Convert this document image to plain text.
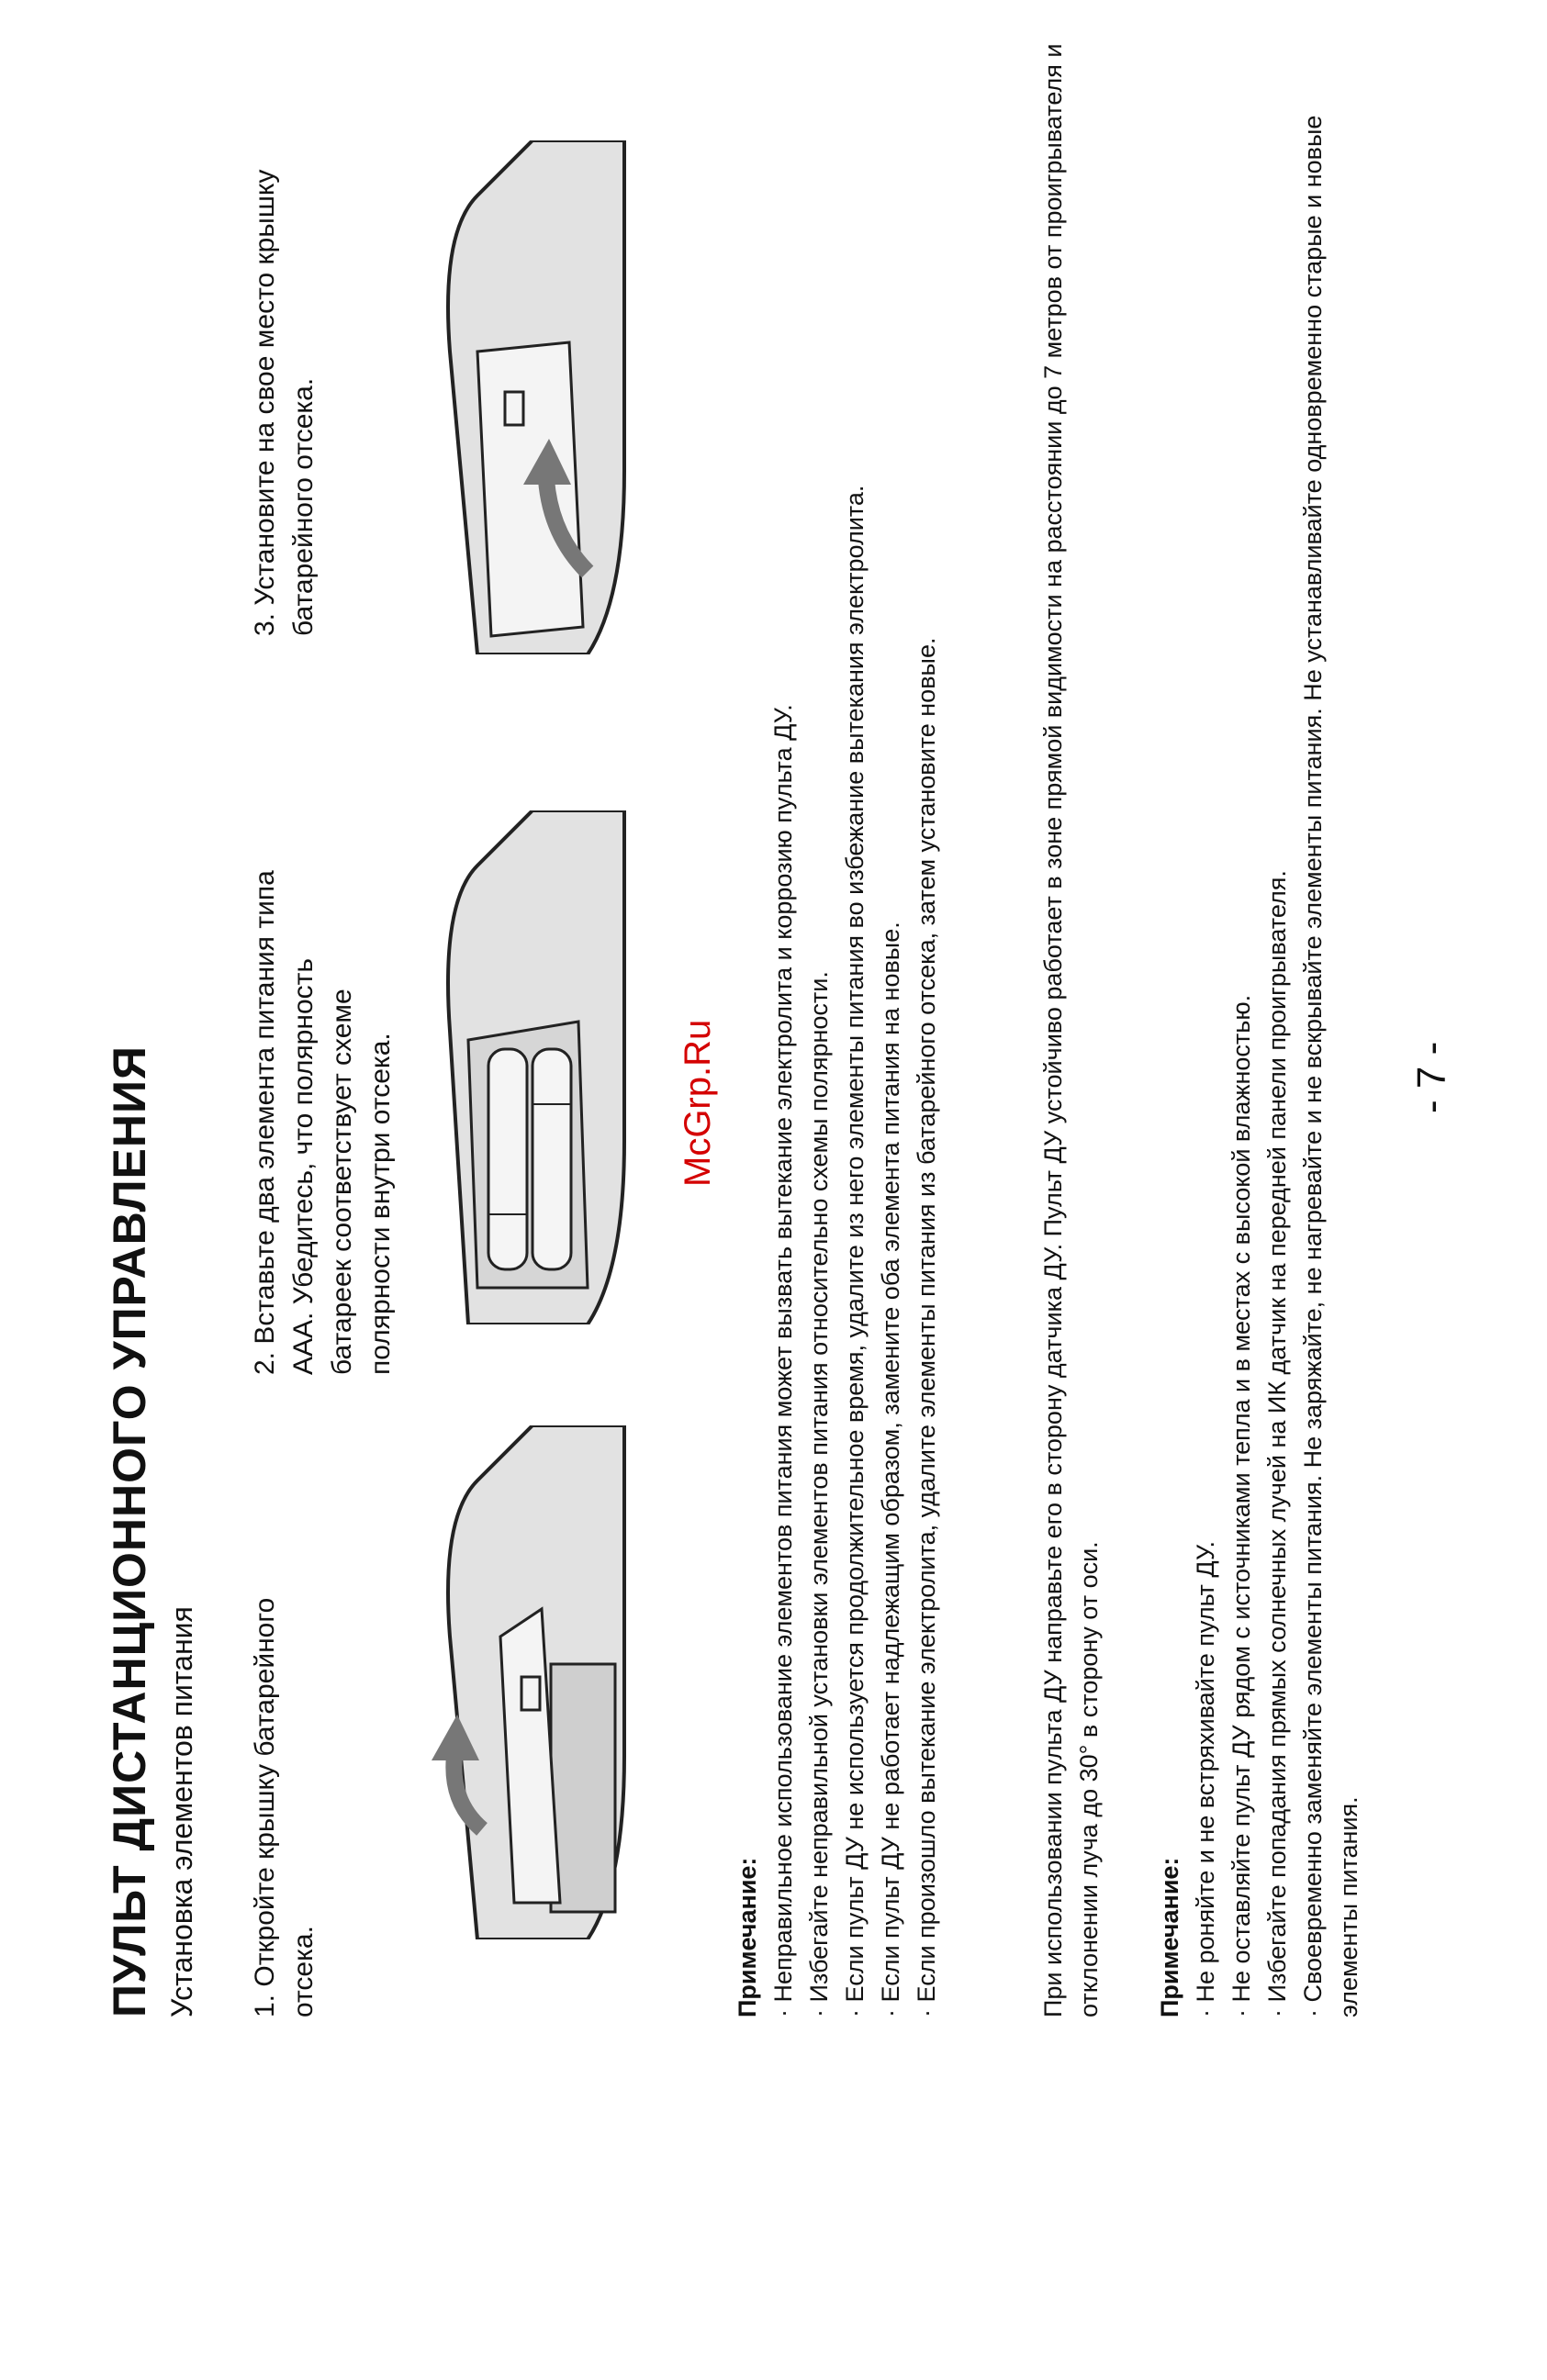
ПУЛЬТ ДИСТАНЦИОННОГО УПРАВЛЕНИЯ Установка элементов питания 1. Откройте крышку батарейного отсека.
2. Вставьте два элемента питания типа ААА. Убедитесь, что полярность батареек соответствует схеме полярности внутри отсека.
3. Установите на свое место крышку батарейного отсека.
McGrp.Ru
Примечание: · Неправильное использование элементов питания может вызвать вытекание электролита и коррозию пульта ДУ. · Избегайте неправильной установки элементов питания относительно схемы полярности. · Если пульт ДУ не используется продолжительное время, удалите из него элементы питания во избежание вытекания электролита. · Если пульт ДУ не работает надлежащим образом, замените оба элемента питания на новые. · Если произошло вытекание электролита, удалите элементы питания из батарейного отсека, затем установите новые.	При использовании пульта ДУ направьте его в сторону датчика ДУ. Пульт ДУ устойчиво работает в зоне прямой видимости на расстоянии до 7 метров от проигрывателя и отклонении луча до 30° в сторону от оси. Примечание: · Не роняйте и не встряхивайте пульт ДУ. · Не оставляйте пульт ДУ рядом с источниками тепла и в местах с высокой влажностью. · Избегайте попадания прямых солнечных лучей на ИК датчик на передней панели проигрывателя. · Своевременно заменяйте элементы питания. Не заряжайте, не нагревайте и не вскрывайте элементы питания. Не устанавливайте одновременно старые и новые элементы питания.
- 7 -
